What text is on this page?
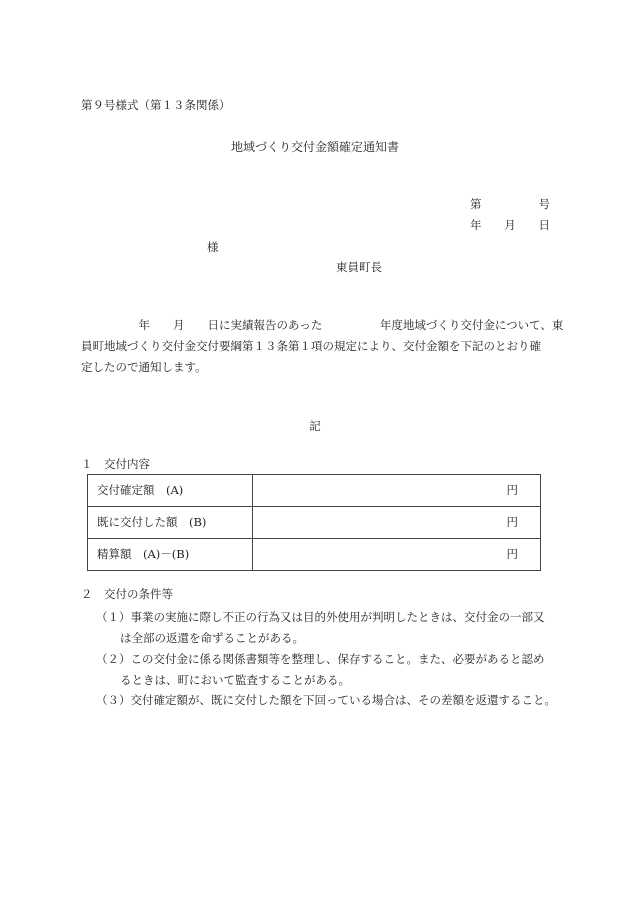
第９号様式（第１３条関係）
地域づくり交付金額確定通知書
第	号
年 月 日
様
東員町長
　　　　　年　　月　　日に実績報告のあった　　　　　年度地域づくり交付金について、東
員町地域づくり交付金交付要綱第１３条第１項の規定により、交付金額を下記のとおり確
定したので通知します。
記
１　交付内容
交付確定額　(A)	円
既に交付した額　(B)	円
精算額　(A)－(B)	円
２　交付の条件等
（１）事業の実施に際し不正の行為又は目的外使用が判明したときは、交付金の一部又
は全部の返還を命ずることがある。
（２）この交付金に係る関係書類等を整理し、保存すること。また、必要があると認め
るときは、町において監査することがある。
（３）交付確定額が、既に交付した額を下回っている場合は、その差額を返還すること。
